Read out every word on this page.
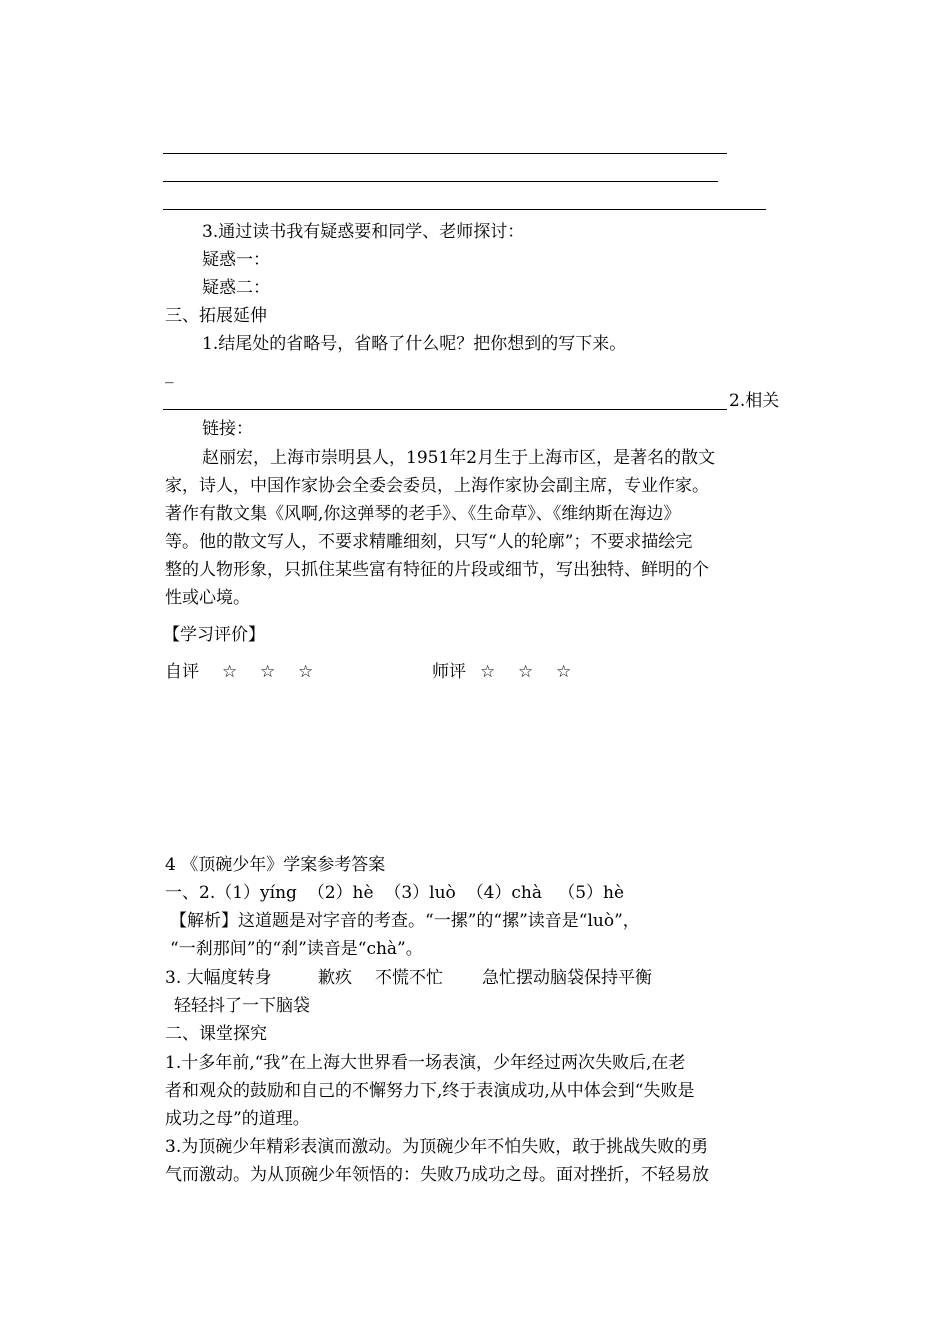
3.通过读书我有疑惑要和同学、老师探讨：
疑惑一：
疑惑二：
三、拓展延伸
1.结尾处的省略号，省略了什么呢？把你想到的写下来。
_
2.相关
链接：
赵丽宏，上海市崇明县人，1951年2月生于上海市区，是著名的散文
家，诗人，中国作家协会全委会委员，上海作家协会副主席，专业作家。
著作有散文集《风啊,你这弹琴的老手》、《生命草》、《维纳斯在海边》
等。他的散文写人，不要求精雕细刻，只写“人的轮廓”；不要求描绘完
整的人物形象，只抓住某些富有特征的片段或细节，写出独特、鲜明的个
性或心境。
【学习评价】
自评 ☆ ☆ ☆	师评 ☆ ☆ ☆
4 《顶碗少年》学案参考答案
一、2.（1）yíng  （2）hè  （3）luò  （4）chà   （5）hè
【解析】这道题是对字音的考查。“一摞”的“摞”读音是“luò”，
“一刹那间”的“刹”读音是“chà”。
3. 大幅度转身	歉疚 不慌不忙 急忙摆动脑袋保持平衡
轻轻抖了一下脑袋
二、课堂探究
1.十多年前,“我”在上海大世界看一场表演，少年经过两次失败后,在老
者和观众的鼓励和自己的不懈努力下,终于表演成功,从中体会到“失败是
成功之母”的道理。
3.为顶碗少年精彩表演而激动。为顶碗少年不怕失败，敢于挑战失败的勇
气而激动。为从顶碗少年领悟的：失败乃成功之母。面对挫折，不轻易放
